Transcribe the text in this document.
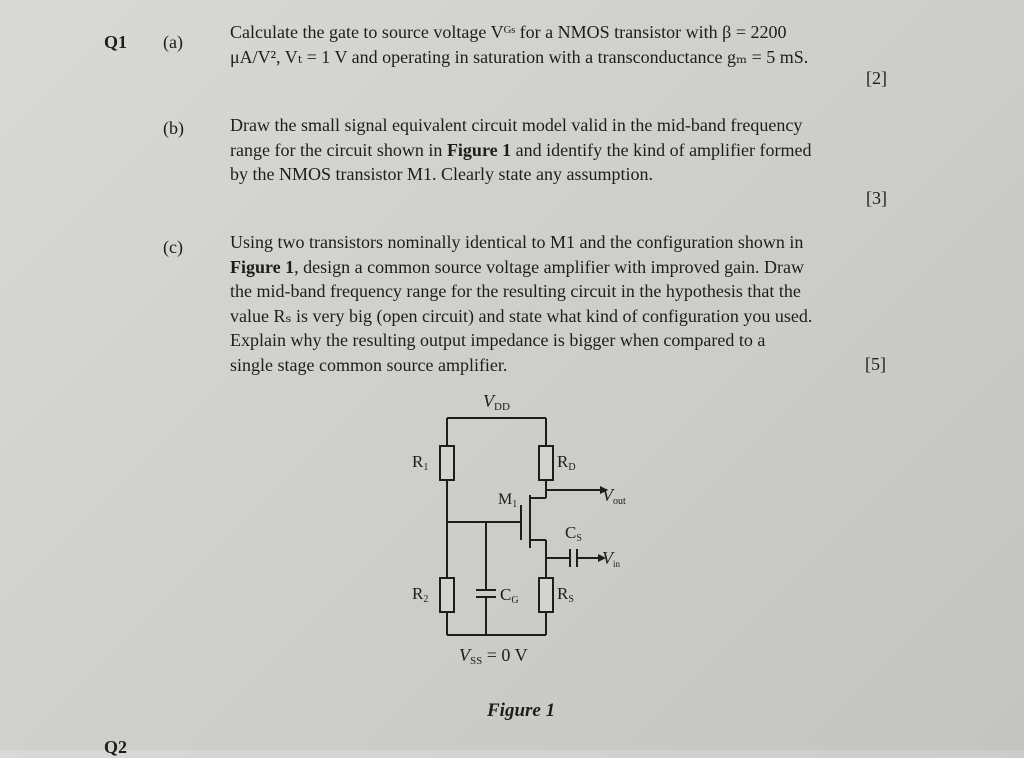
Q1 (a)	Calculate the gate to source voltage Vᴳˢ for a NMOS transistor with β = 2200
μA/V², Vₜ = 1 V and operating in saturation with a transconductance gₘ = 5 mS.
[2]
(b)	Draw the small signal equivalent circuit model valid in the mid-band frequency
range for the circuit shown in Figure 1 and identify the kind of amplifier formed
by the NMOS transistor M1. Clearly state any assumption.
[3]
(c)	Using two transistors nominally identical to M1 and the configuration shown in
Figure 1, design a common source voltage amplifier with improved gain. Draw
the mid-band frequency range for the resulting circuit in the hypothesis that the
value Rₛ is very big (open circuit) and state what kind of configuration you used.
Explain why the resulting output impedance is bigger when compared to a
single stage common source amplifier.	[5]
VDD
R1	RD
M1	Vout
CS
Vin
R2	CG RS
VSS = 0 V
Figure 1
Q2
